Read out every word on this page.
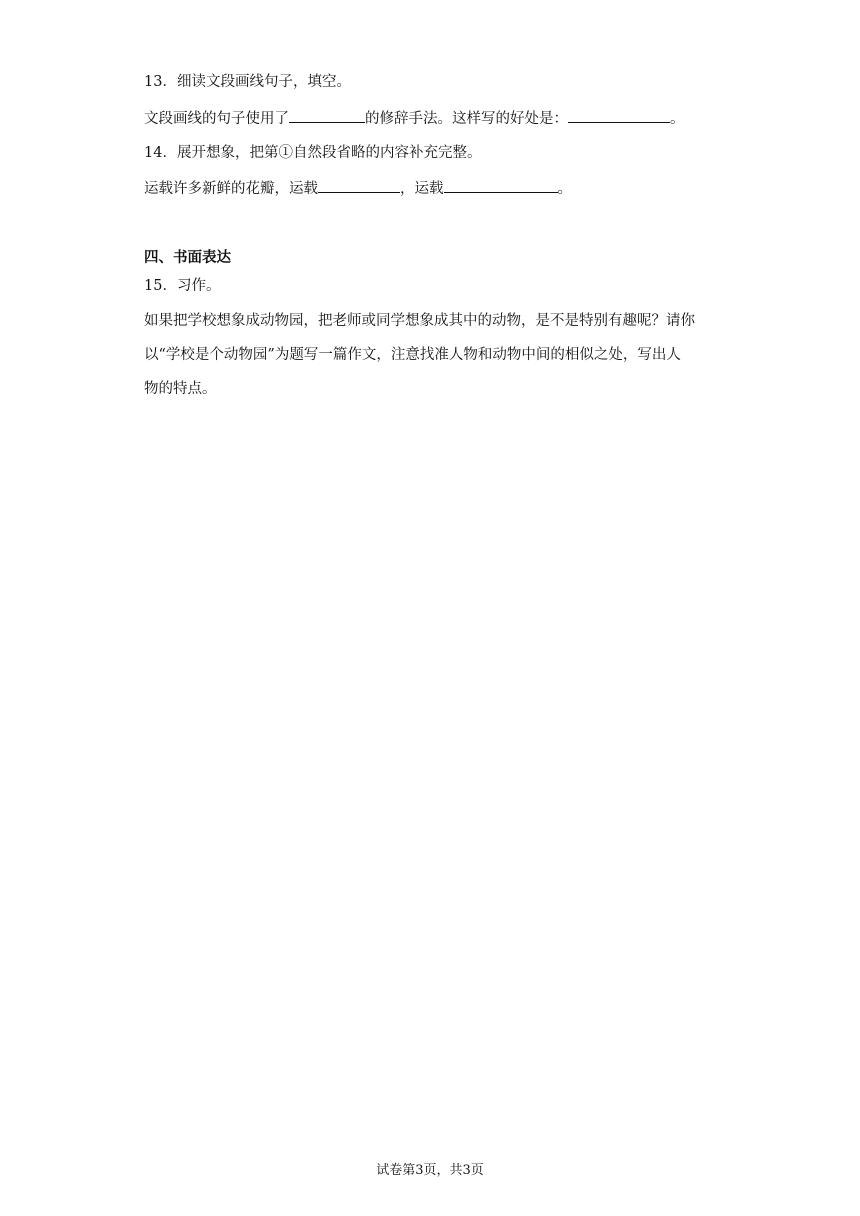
13．细读文段画线句子，填空。
文段画线的句子使用了	的修辞手法。这样写的好处是：	。
14．展开想象，把第①自然段省略的内容补充完整。
运载许多新鲜的花瓣，运载	，运载	。
四、书面表达
15．习作。
如果把学校想象成动物园，把老师或同学想象成其中的动物，是不是特别有趣呢？请你
以“学校是个动物园”为题写一篇作文，注意找准人物和动物中间的相似之处，写出人
物的特点。
试卷第3页，共3页
